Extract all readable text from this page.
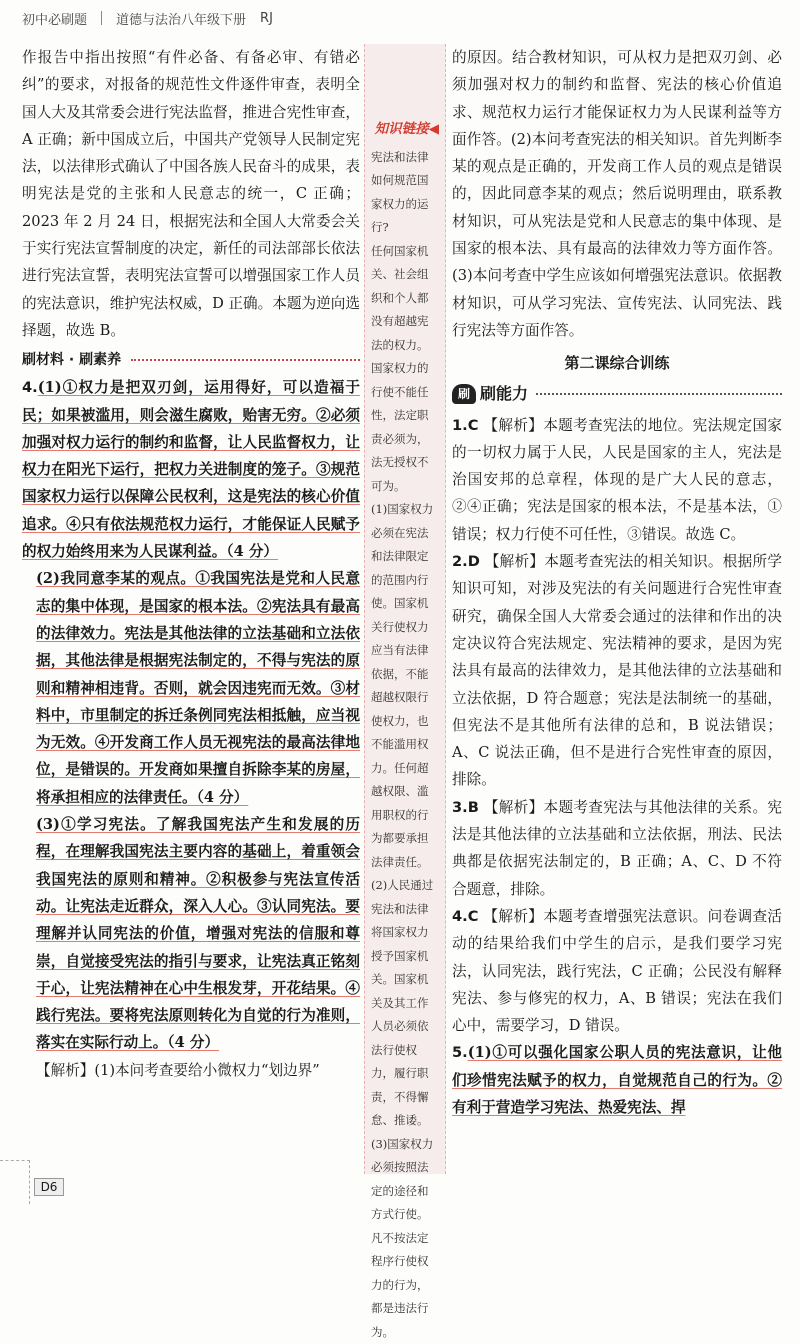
初中必刷题 道德与法治八年级下册 RJ

作报告中指出按照“有件必备、有备必审、有错必纠”的要求，对报备的规范性文件逐件审查，表明全国人大及其常委会进行宪法监督，推进合宪性审查，A 正确；新中国成立后，中国共产党领导人民制定宪法，以法律形式确认了中国各族人民奋斗的成果，表明宪法是党的主张和人民意志的统一，C 正确；2023 年 2 月 24 日，根据宪法和全国人大常委会关于实行宪法宣誓制度的决定，新任的司法部部长依法进行宪法宣誓，表明宪法宣誓可以增强国家工作人员的宪法意识，维护宪法权威，D 正确。本题为逆向选择题，故选 B。

刷材料 · 刷素养

4.(1)①权力是把双刃剑，运用得好，可以造福于民；如果被滥用，则会滋生腐败，贻害无穷。②必须加强对权力运行的制约和监督，让人民监督权力，让权力在阳光下运行，把权力关进制度的笼子。③规范国家权力运行以保障公民权利，这是宪法的核心价值追求。④只有依法规范权力运行，才能保证人民赋予的权力始终用来为人民谋利益。（4 分）

(2)我同意李某的观点。①我国宪法是党和人民意志的集中体现，是国家的根本法。②宪法具有最高的法律效力。宪法是其他法律的立法基础和立法依据，其他法律是根据宪法制定的，不得与宪法的原则和精神相违背。否则，就会因违宪而无效。③材料中，市里制定的拆迁条例同宪法相抵触，应当视为无效。④开发商工作人员无视宪法的最高法律地位，是错误的。开发商如果擅自拆除李某的房屋，将承担相应的法律责任。（4 分）

(3)①学习宪法。了解我国宪法产生和发展的历程，在理解我国宪法主要内容的基础上，着重领会我国宪法的原则和精神。②积极参与宪法宣传活动。让宪法走近群众，深入人心。③认同宪法。要理解并认同宪法的价值，增强对宪法的信服和尊崇，自觉接受宪法的指引与要求，让宪法真正铭刻于心，让宪法精神在心中生根发芽，开花结果。④践行宪法。要将宪法原则转化为自觉的行为准则，落实在实际行动上。（4 分）

【解析】(1)本问考查要给小微权力“划边界”

知识链接◀
宪法和法律如何规范国家权力的运行?
任何国家机关、社会组织和个人都没有超越宪法的权力。国家权力的行使不能任性，法定职责必须为，法无授权不可为。
(1)国家权力必须在宪法和法律限定的范围内行使。国家机关行使权力应当有法律依据，不能超越权限行使权力，也不能滥用权力。任何超越权限、滥用职权的行为都要承担法律责任。
(2)人民通过宪法和法律将国家权力授予国家机关。国家机关及其工作人员必须依法行使权力，履行职责，不得懈怠、推诿。
(3)国家权力必须按照法定的途径和方式行使。凡不按法定程序行使权力的行为，都是违法行为。

的原因。结合教材知识，可从权力是把双刃剑、必须加强对权力的制约和监督、宪法的核心价值追求、规范权力运行才能保证权力为人民谋利益等方面作答。(2)本问考查宪法的相关知识。首先判断李某的观点是正确的，开发商工作人员的观点是错误的，因此同意李某的观点；然后说明理由，联系教材知识，可从宪法是党和人民意志的集中体现、是国家的根本法、具有最高的法律效力等方面作答。(3)本问考查中学生应该如何增强宪法意识。依据教材知识，可从学习宪法、宣传宪法、认同宪法、践行宪法等方面作答。

第二课综合训练
刷 刷能力

1.C 【解析】本题考查宪法的地位。宪法规定国家的一切权力属于人民，人民是国家的主人，宪法是治国安邦的总章程，体现的是广大人民的意志，②④正确；宪法是国家的根本法，不是基本法，①错误；权力行使不可任性，③错误。故选 C。

2.D 【解析】本题考查宪法的相关知识。根据所学知识可知，对涉及宪法的有关问题进行合宪性审查研究，确保全国人大常委会通过的法律和作出的决定决议符合宪法规定、宪法精神的要求，是因为宪法具有最高的法律效力，是其他法律的立法基础和立法依据，D 符合题意；宪法是法制统一的基础，但宪法不是其他所有法律的总和，B 说法错误；A、C 说法正确，但不是进行合宪性审查的原因，排除。

3.B 【解析】本题考查宪法与其他法律的关系。宪法是其他法律的立法基础和立法依据，刑法、民法典都是依据宪法制定的，B 正确；A、C、D 不符合题意，排除。

4.C 【解析】本题考查增强宪法意识。问卷调查活动的结果给我们中学生的启示，是我们要学习宪法，认同宪法，践行宪法，C 正确；公民没有解释宪法、参与修宪的权力，A、B 错误；宪法在我们心中，需要学习，D 错误。

5.(1)①可以强化国家公职人员的宪法意识，让他们珍惜宪法赋予的权力，自觉规范自己的行为。②有利于营造学习宪法、热爱宪法、捍

D6
